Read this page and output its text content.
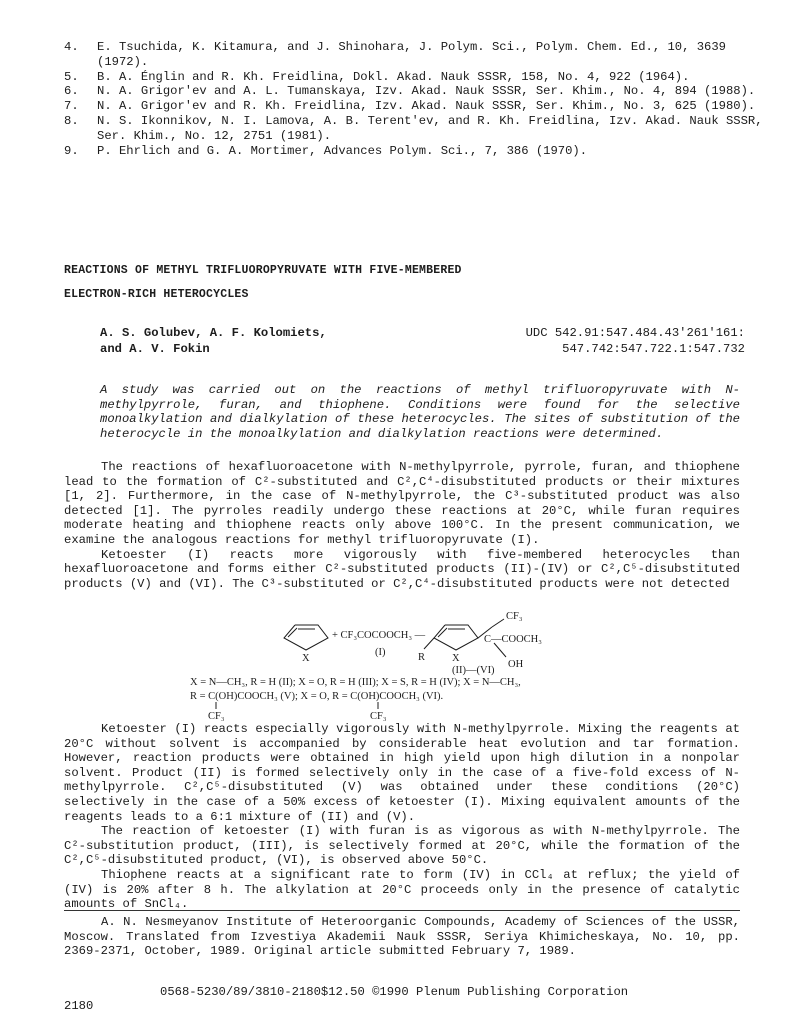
4.	E. Tsuchida, K. Kitamura, and J. Shinohara, J. Polym. Sci., Polym. Chem. Ed., 10, 3639 (1972).
5.	B. A. Énglin and R. Kh. Freidlina, Dokl. Akad. Nauk SSSR, 158, No. 4, 922 (1964).
6.	N. A. Grigor'ev and A. L. Tumanskaya, Izv. Akad. Nauk SSSR, Ser. Khim., No. 4, 894 (1988).
7.	N. A. Grigor'ev and R. Kh. Freidlina, Izv. Akad. Nauk SSSR, Ser. Khim., No. 3, 625 (1980).
8.	N. S. Ikonnikov, N. I. Lamova, A. B. Terent'ev, and R. Kh. Freidlina, Izv. Akad. Nauk SSSR, Ser. Khim., No. 12, 2751 (1981).
9.	P. Ehrlich and G. A. Mortimer, Advances Polym. Sci., 7, 386 (1970).
REACTIONS OF METHYL TRIFLUOROPYRUVATE WITH FIVE-MEMBERED
ELECTRON-RICH HETEROCYCLES
A. S. Golubev, A. F. Kolomiets,
and A. V. Fokin
UDC 542.91:547.484.43'261'161:
547.742:547.722.1:547.732
A study was carried out on the reactions of methyl trifluoropyruvate with N-methylpyrrole, furan, and thiophene. Conditions were found for the selective monoalkylation and dialkylation of these heterocycles. The sites of substitution of the heterocycle in the monoalkylation and dialkylation reactions were determined.

The reactions of hexafluoroacetone with N-methylpyrrole, pyrrole, furan, and thiophene lead to the formation of C²-substituted and C²,C⁴-disubstituted products or their mixtures [1, 2]. Furthermore, in the case of N-methylpyrrole, the C³-substituted product was also detected [1]. The pyrroles readily undergo these reactions at 20°C, while furan requires moderate heating and thiophene reacts only above 100°C. In the present communication, we examine the analogous reactions for methyl trifluoropyruvate (I).

Ketoester (I) reacts more vigorously with five-membered heterocycles than hexafluoroacetone and forms either C²-substituted products (II)-(IV) or C²,C⁵-disubstituted products (V) and (VI). The C³-substituted or C²,C⁴-disubstituted products were not detected

X
+ CF₃COCOOCH₃ —
(I)	R	X
CF₃
C—COOCH₃
(II)—(VI)
OH
X = N—CH₃, R = H (II); X = O, R = H (III); X = S, R = H (IV); X = N—CH₃,
R = C(OH)COOCH₃ (V); X = O, R = C(OH)COOCH₃ (VI).
CF₃	CF₃

Ketoester (I) reacts especially vigorously with N-methylpyrrole. Mixing the reagents at 20°C without solvent is accompanied by considerable heat evolution and tar formation. However, reaction products were obtained in high yield upon high dilution in a nonpolar solvent. Product (II) is formed selectively only in the case of a five-fold excess of N-methylpyrrole. C²,C⁵-disubstituted (V) was obtained under these conditions (20°C) selectively in the case of a 50% excess of ketoester (I). Mixing equivalent amounts of the reagents leads to a 6:1 mixture of (II) and (V).

The reaction of ketoester (I) with furan is as vigorous as with N-methylpyrrole. The C²-substitution product, (III), is selectively formed at 20°C, while the formation of the C²,C⁵-disubstituted product, (VI), is observed above 50°C.

Thiophene reacts at a significant rate to form (IV) in CCl₄ at reflux; the yield of (IV) is 20% after 8 h. The alkylation at 20°C proceeds only in the presence of catalytic amounts of SnCl₄.

A. N. Nesmeyanov Institute of Heteroorganic Compounds, Academy of Sciences of the USSR, Moscow. Translated from Izvestiya Akademii Nauk SSSR, Seriya Khimicheskaya, No. 10, pp. 2369-2371, October, 1989. Original article submitted February 7, 1989.

2180
0568-5230/89/3810-2180$12.50 ©1990 Plenum Publishing Corporation
